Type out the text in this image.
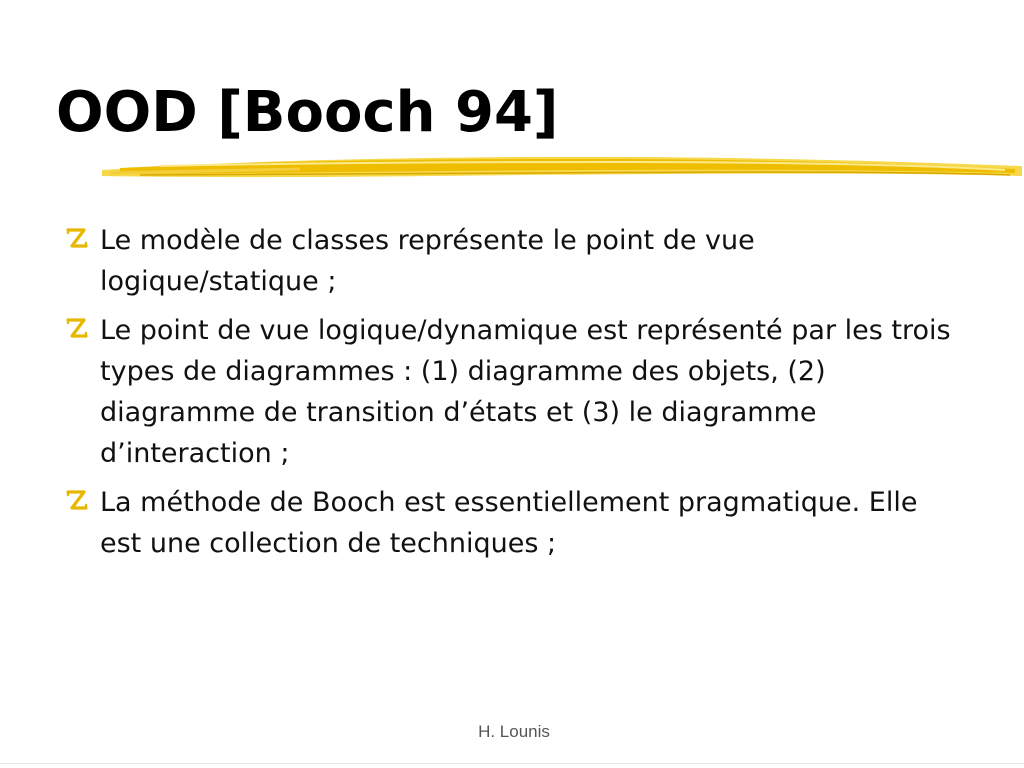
OOD [Booch 94]
Le modèle de classes représente le point de vue logique/statique ;
Le point de vue logique/dynamique est représenté par les trois types de diagrammes : (1) diagramme des objets, (2) diagramme de transition d’états et (3) le diagramme d’interaction ;
La méthode de Booch est essentiellement pragmatique. Elle est une collection de techniques ;
H. Lounis
